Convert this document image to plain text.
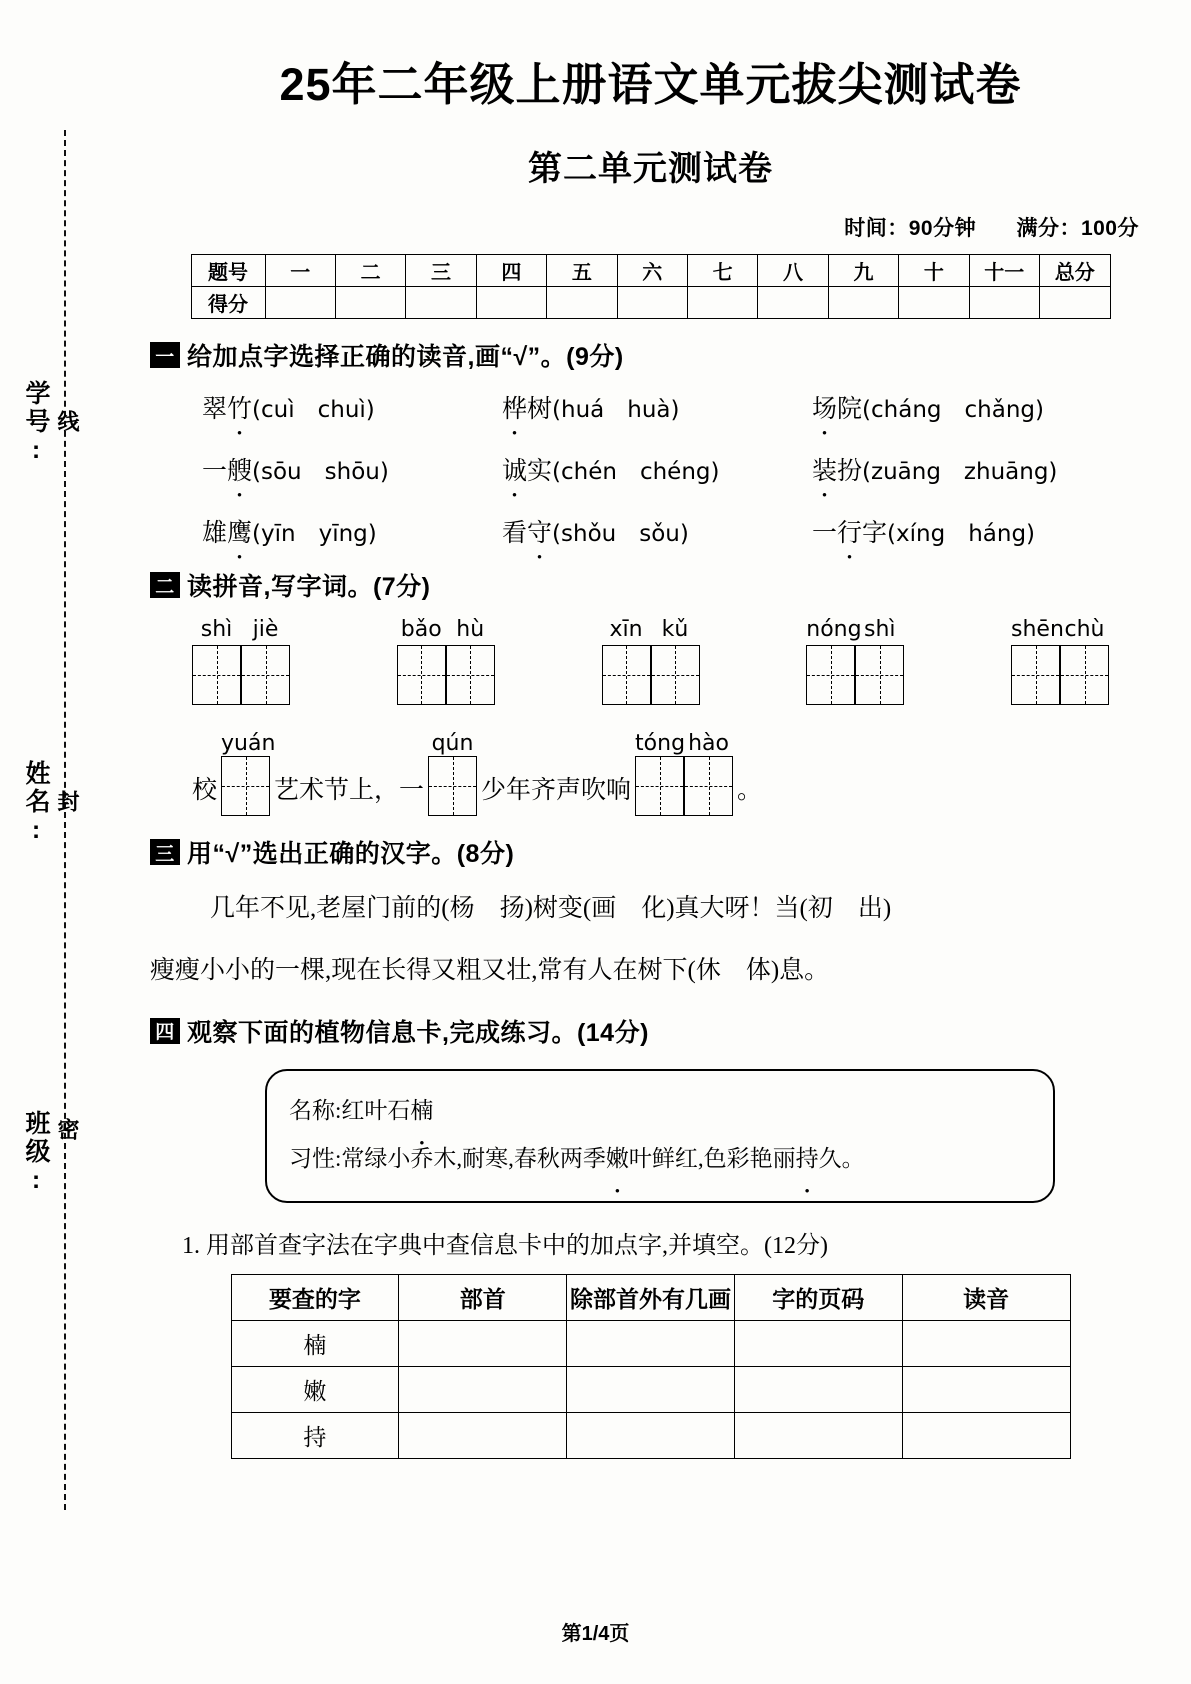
学号: 线
姓名: 封
班级: 密
25年二年级上册语文单元拔尖测试卷
第二单元测试卷
时间：90分钟 满分：100分
题号	一	二	三	四	五	六	七	八	九	十	十一	总分
得分												
一 给加点字选择正确的读音,画“√”。(9分)
翠竹(cuì　chuì)	桦树(huá　huà)	场院(cháng　chǎng)
一艘(sōu　shōu)	诚实(chén　chéng)	装扮(zuāng　zhuāng)
雄鹰(yīn　yīng)	看守(shǒu　sǒu)	一行字(xíng　háng)
二 读拼音,写字词。(7分)
shì jiè	bǎo hù	xīn kǔ	nóng shì	shēn chù
校
yuán
艺术节上，一
qún
少年齐声吹响
tóng hào
。
三 用“√”选出正确的汉字。(8分)
几年不见,老屋门前的(杨　扬)树变(画　化)真大呀！当(初　出)
瘦瘦小小的一棵,现在长得又粗又壮,常有人在树下(休　体)息。
四 观察下面的植物信息卡,完成练习。(14分)
名称:红叶石楠
习性:常绿小乔木,耐寒,春秋两季嫩叶鲜红,色彩艳丽持久。
1. 用部首查字法在字典中查信息卡中的加点字,并填空。(12分)
要查的字	部首	除部首外有几画	字的页码	读音
楠				
嫩				
持				
第1/4页
